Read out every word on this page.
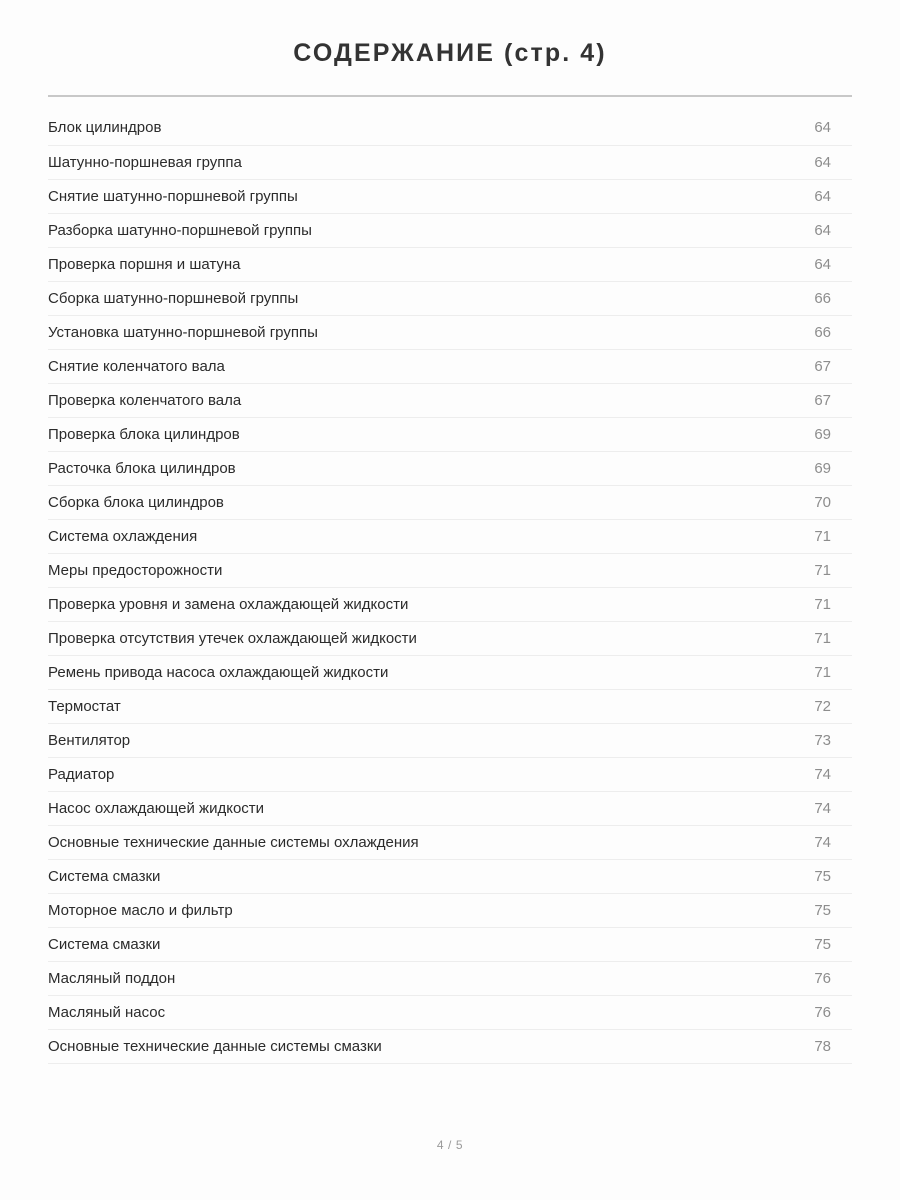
СОДЕРЖАНИЕ (стр. 4)
Блок цилиндров	64
Шатунно-поршневая группа	64
Снятие шатунно-поршневой группы	64
Разборка шатунно-поршневой группы	64
Проверка поршня и шатуна	64
Сборка шатунно-поршневой группы	66
Установка шатунно-поршневой группы	66
Снятие коленчатого вала	67
Проверка коленчатого вала	67
Проверка блока цилиндров	69
Расточка блока цилиндров	69
Сборка блока цилиндров	70
Система охлаждения	71
Меры предосторожности	71
Проверка уровня и замена охлаждающей жидкости	71
Проверка отсутствия утечек охлаждающей жидкости	71
Ремень привода насоса охлаждающей жидкости	71
Термостат	72
Вентилятор	73
Радиатор	74
Насос охлаждающей жидкости	74
Основные технические данные системы охлаждения	74
Система смазки	75
Моторное масло и фильтр	75
Система смазки	75
Масляный поддон	76
Масляный насос	76
Основные технические данные системы смазки	78
4 / 5
